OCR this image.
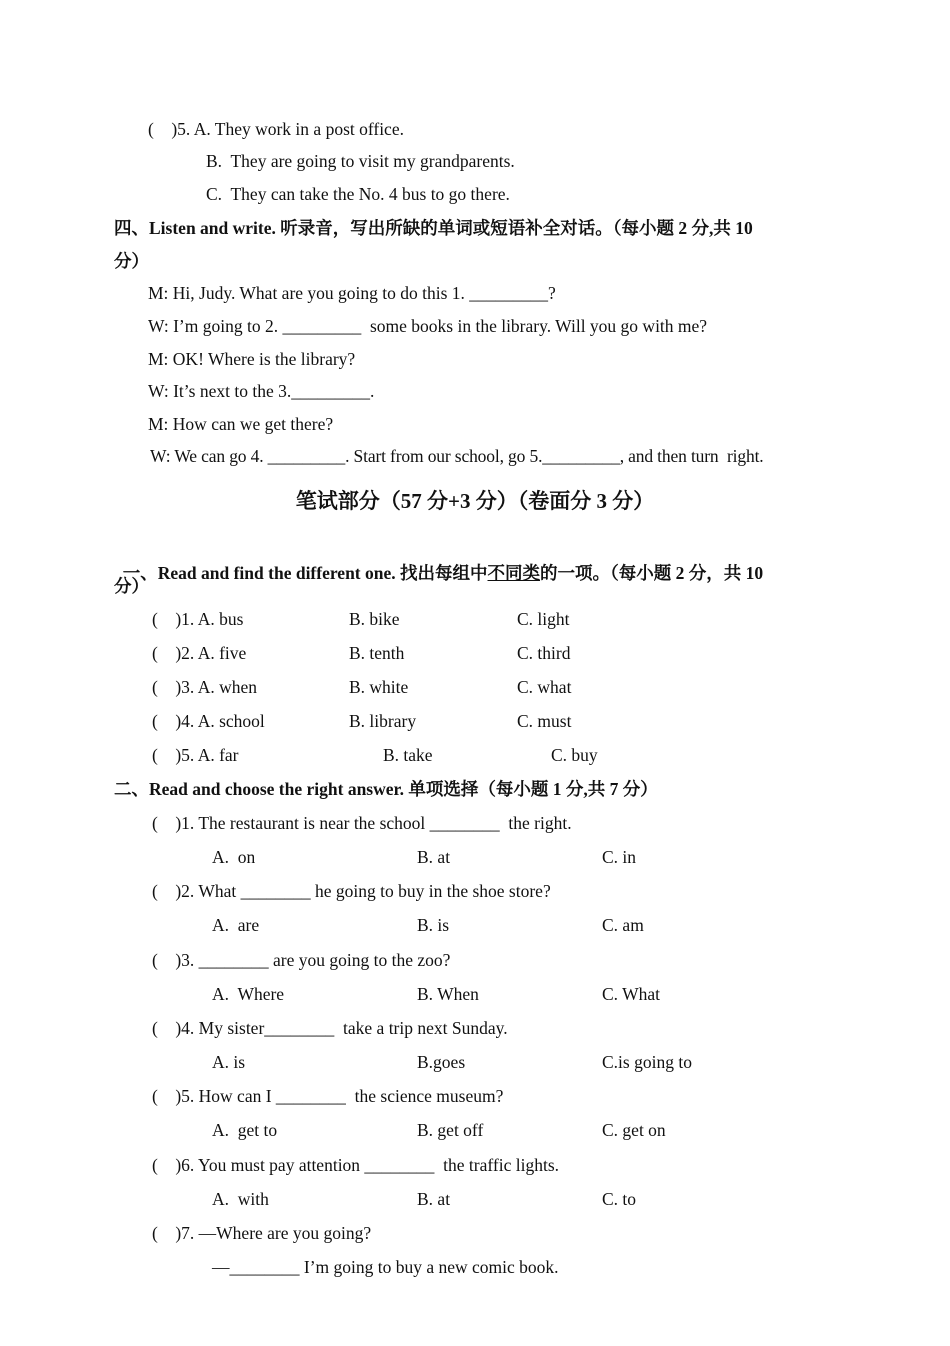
(    )5. A. They work in a post office.
B.  They are going to visit my grandparents.
C.  They can take the No. 4 bus to go there.
四、Listen and write. 听录音，写出所缺的单词或短语补全对话。（每小题 2 分,共 10
分）
M: Hi, Judy. What are you going to do this 1. _________?
W: I’m going to 2. _________  some books in the library. Will you go with me?
M: OK! Where is the library?
W: It’s next to the 3._________.
M: How can we get there?
W: We can go 4. _________. Start from our school, go 5._________, and then turn  right.
笔试部分（57 分+3 分）（卷面分 3 分）

一、Read and find the different one. 找出每组中不同类的一项。（每小题 2 分，共 10

分）
(    )1. A. bus	B. bike	C. light
(    )2. A. five	B. tenth	C. third
(    )3. A. when	B. white	C. what
(    )4. A. school	B. library	C. must
(    )5. A. far	B. take	C. buy
二、Read and choose the right answer. 单项选择（每小题 1 分,共 7 分）
(    )1. The restaurant is near the school ________  the right.
A.  on	B. at	C. in
(    )2. What ________ he going to buy in the shoe store?
A.  are	B. is	C. am
(    )3. ________ are you going to the zoo?
A.  Where	B. When	C. What
(    )4. My sister________  take a trip next Sunday.
A. is	B.goes	C.is going to
(    )5. How can I ________  the science museum?
A.  get to	B. get off	C. get on
(    )6. You must pay attention ________  the traffic lights.
A.  with	B. at	C. to
(    )7. —Where are you going?
—________ I’m going to buy a new comic book.
